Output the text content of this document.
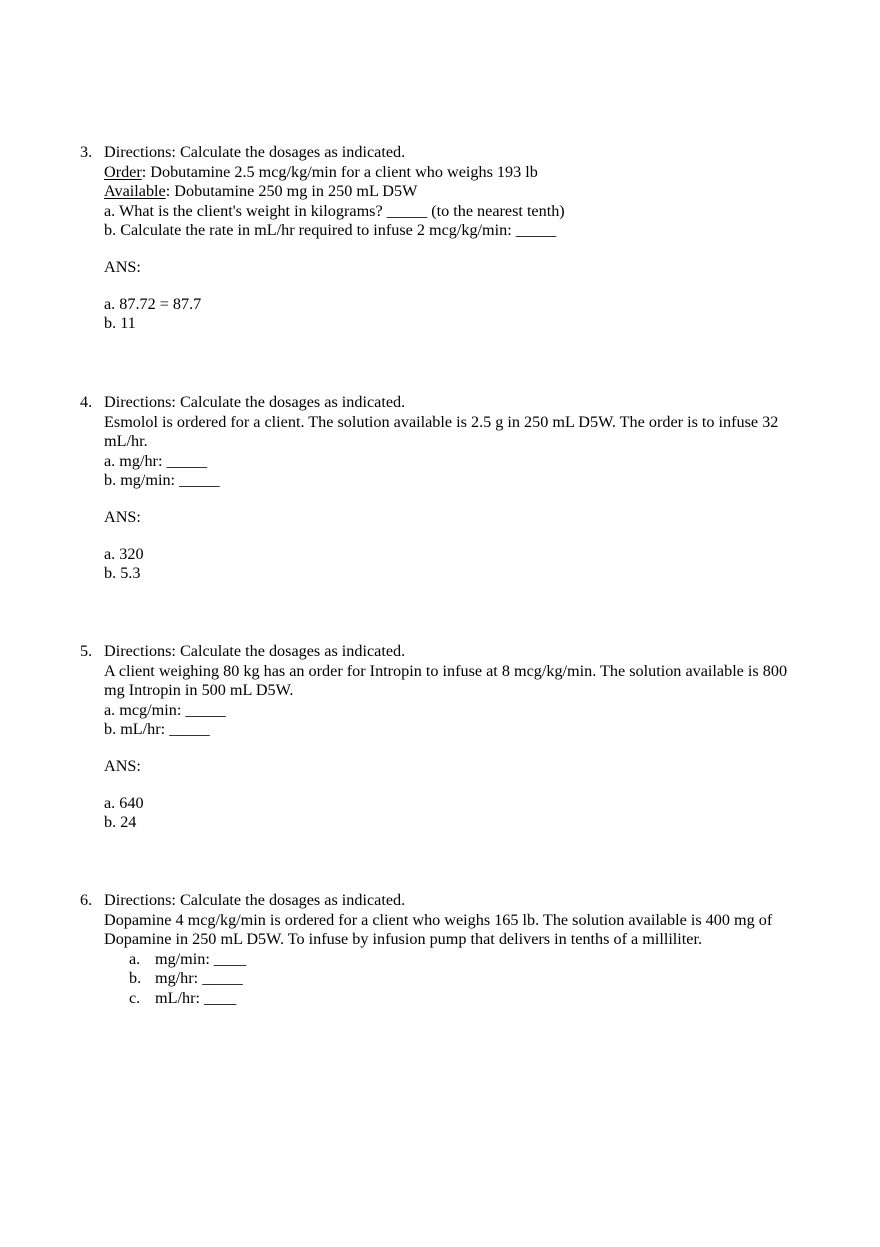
3. Directions: Calculate the dosages as indicated.
Order: Dobutamine 2.5 mcg/kg/min for a client who weighs 193 lb
Available: Dobutamine 250 mg in 250 mL D5W
a. What is the client's weight in kilograms? _____ (to the nearest tenth)
b. Calculate the rate in mL/hr required to infuse 2 mcg/kg/min: _____
ANS:
a. 87.72 = 87.7
b. 11
4. Directions: Calculate the dosages as indicated.
Esmolol is ordered for a client. The solution available is 2.5 g in 250 mL D5W. The order is to infuse 32 mL/hr.
a. mg/hr: _____
b. mg/min: _____
ANS:
a. 320
b. 5.3
5. Directions: Calculate the dosages as indicated.
A client weighing 80 kg has an order for Intropin to infuse at 8 mcg/kg/min. The solution available is 800 mg Intropin in 500 mL D5W.
a. mcg/min: _____
b. mL/hr: _____
ANS:
a. 640
b. 24
6. Directions: Calculate the dosages as indicated.
Dopamine 4 mcg/kg/min is ordered for a client who weighs 165 lb. The solution available is 400 mg of Dopamine in 250 mL D5W. To infuse by infusion pump that delivers in tenths of a milliliter.
a. mg/min: ____
b. mg/hr: _____
c. mL/hr: ____
